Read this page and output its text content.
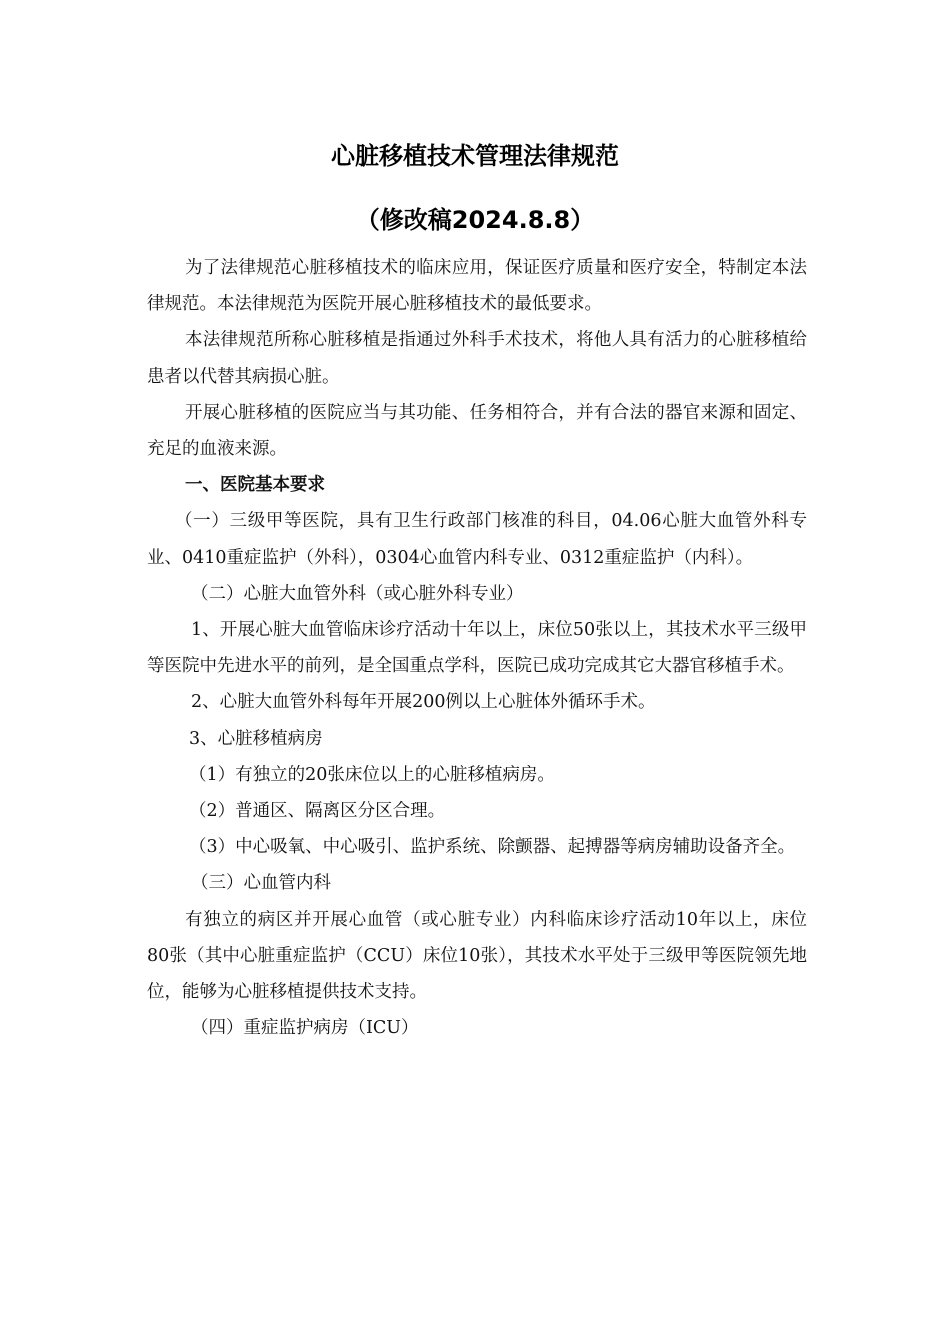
心脏移植技术管理法律规范
（修改稿2024.8.8）

为了法律规范心脏移植技术的临床应用，保证医疗质量和医疗安全，特制定本法律规范。本法律规范为医院开展心脏移植技术的最低要求。

本法律规范所称心脏移植是指通过外科手术技术，将他人具有活力的心脏移植给患者以代替其病损心脏。

开展心脏移植的医院应当与其功能、任务相符合，并有合法的器官来源和固定、充足的血液来源。

一、医院基本要求

（一）三级甲等医院，具有卫生行政部门核准的科目，04.06心脏大血管外科专业、0410重症监护（外科），0304心血管内科专业、0312重症监护（内科）。

（二）心脏大血管外科（或心脏外科专业）

1、开展心脏大血管临床诊疗活动十年以上，床位50张以上，其技术水平三级甲等医院中先进水平的前列，是全国重点学科，医院已成功完成其它大器官移植手术。

2、心脏大血管外科每年开展200例以上心脏体外循环手术。

3、心脏移植病房

（1）有独立的20张床位以上的心脏移植病房。

（2）普通区、隔离区分区合理。

（3）中心吸氧、中心吸引、监护系统、除颤器、起搏器等病房辅助设备齐全。

（三）心血管内科

有独立的病区并开展心血管（或心脏专业）内科临床诊疗活动10年以上，床位80张（其中心脏重症监护（CCU）床位10张），其技术水平处于三级甲等医院领先地位，能够为心脏移植提供技术支持。

（四）重症监护病房（ICU）
